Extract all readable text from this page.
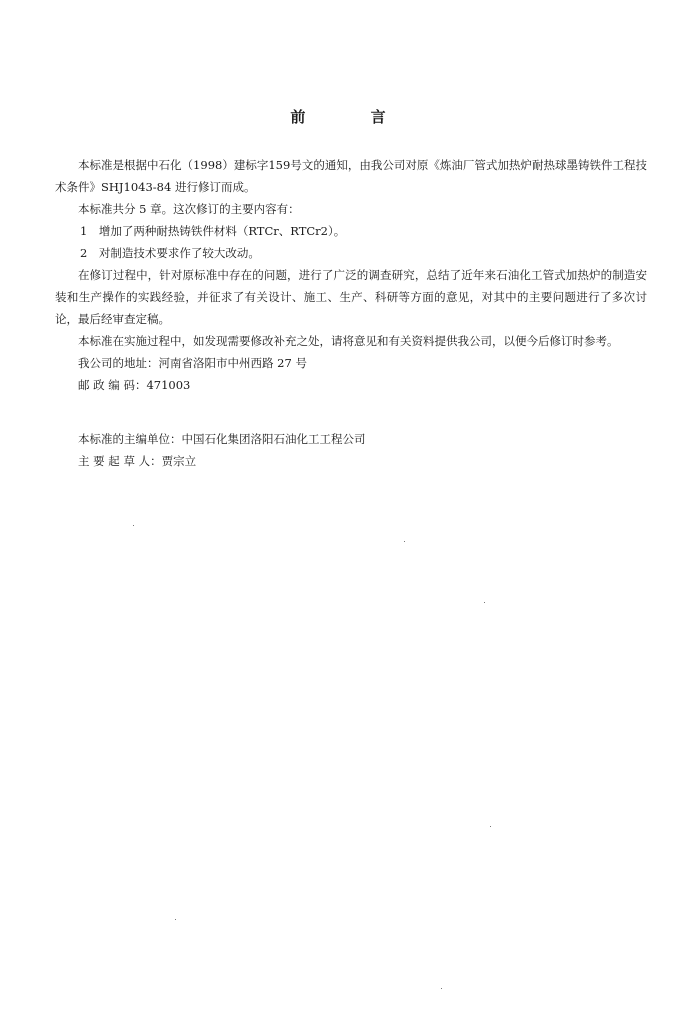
前 言

本标准是根据中石化（1998）建标字159号文的通知，由我公司对原《炼油厂管式加热炉耐热球墨铸铁件工程技术条件》SHJ1043-84 进行修订而成。

本标准共分 5 章。这次修订的主要内容有：

1　增加了两种耐热铸铁件材料（RTCr、RTCr2）。

2　对制造技术要求作了较大改动。

在修订过程中，针对原标准中存在的问题，进行了广泛的调查研究，总结了近年来石油化工管式加热炉的制造安装和生产操作的实践经验，并征求了有关设计、施工、生产、科研等方面的意见，对其中的主要问题进行了多次讨论，最后经审查定稿。

本标准在实施过程中，如发现需要修改补充之处，请将意见和有关资料提供我公司，以便今后修订时参考。

我公司的地址：河南省洛阳市中州西路 27 号

邮 政 编 码：471003

本标准的主编单位：中国石化集团洛阳石油化工工程公司

主 要 起 草 人：贾宗立
